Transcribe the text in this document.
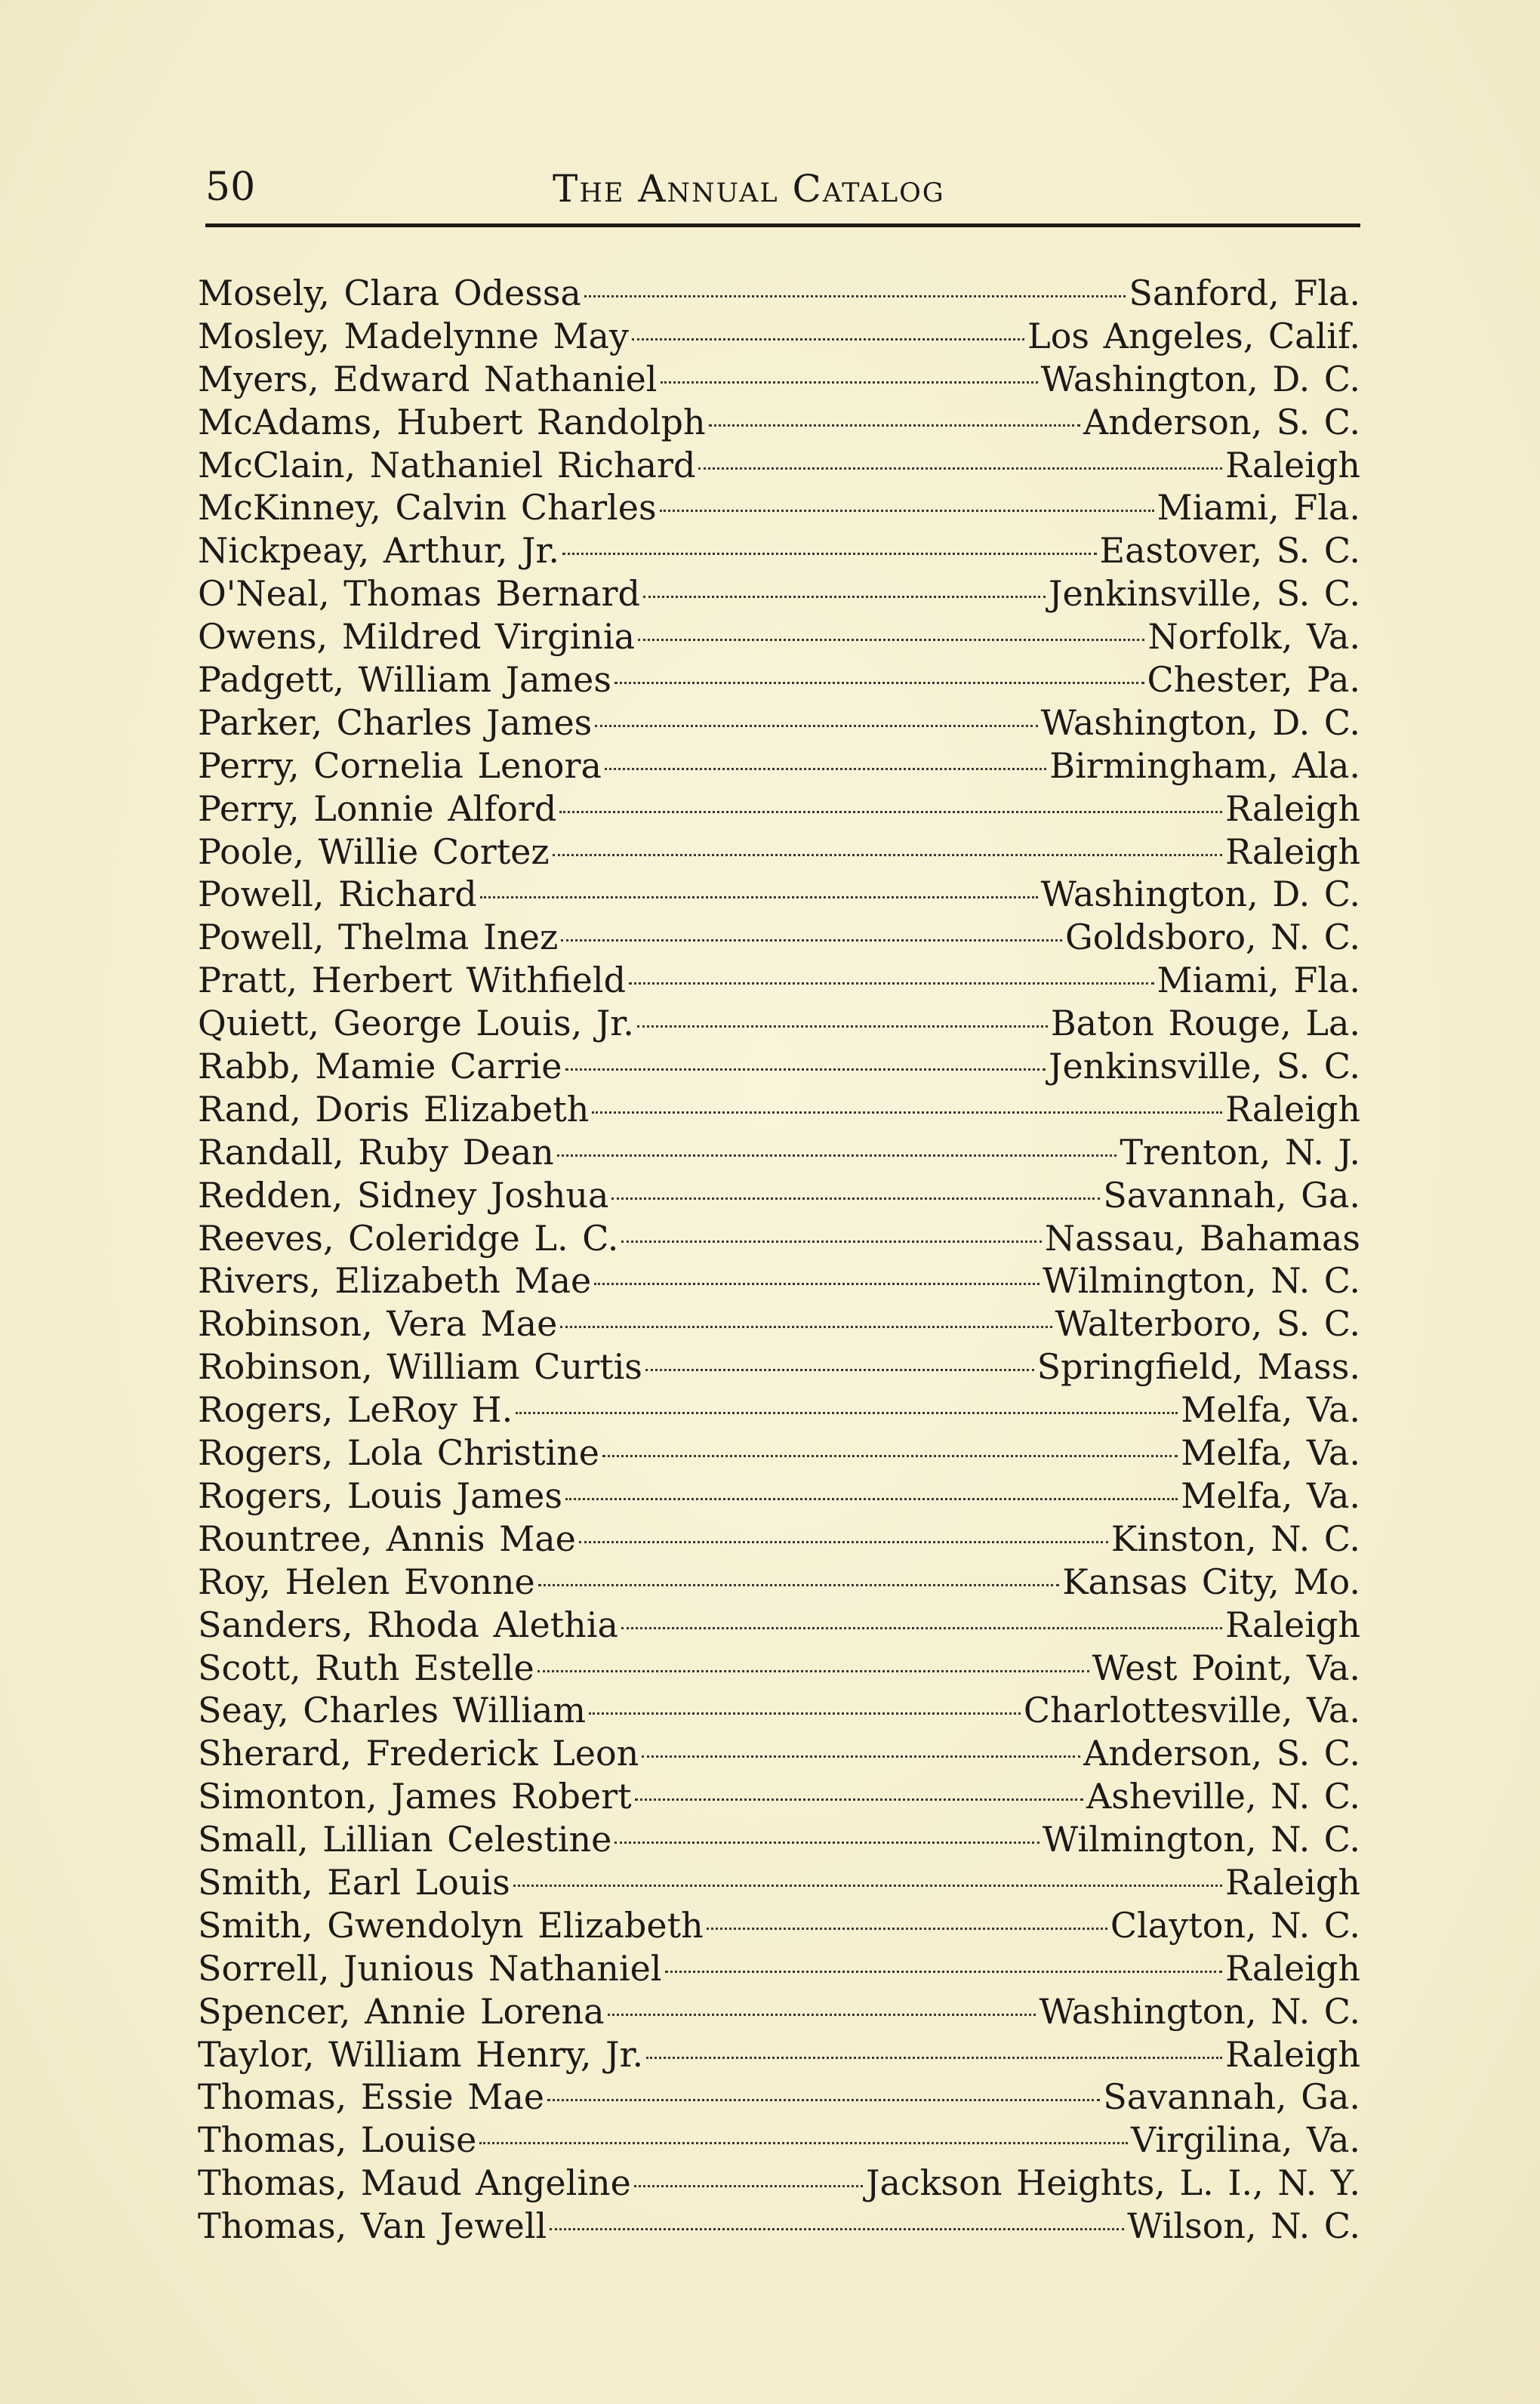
50	The Annual Catalog
Mosely, Clara Odessa	Sanford, Fla.
Mosley, Madelynne May	Los Angeles, Calif.
Myers, Edward Nathaniel	Washington, D. C.
McAdams, Hubert Randolph	Anderson, S. C.
McClain, Nathaniel Richard	Raleigh
McKinney, Calvin Charles	Miami, Fla.
Nickpeay, Arthur, Jr.	Eastover, S. C.
O'Neal, Thomas Bernard	Jenkinsville, S. C.
Owens, Mildred Virginia	Norfolk, Va.
Padgett, William James	Chester, Pa.
Parker, Charles James	Washington, D. C.
Perry, Cornelia Lenora	Birmingham, Ala.
Perry, Lonnie Alford	Raleigh
Poole, Willie Cortez	Raleigh
Powell, Richard	Washington, D. C.
Powell, Thelma Inez	Goldsboro, N. C.
Pratt, Herbert Withfield	Miami, Fla.
Quiett, George Louis, Jr.	Baton Rouge, La.
Rabb, Mamie Carrie	Jenkinsville, S. C.
Rand, Doris Elizabeth	Raleigh
Randall, Ruby Dean	Trenton, N. J.
Redden, Sidney Joshua	Savannah, Ga.
Reeves, Coleridge L. C.	Nassau, Bahamas
Rivers, Elizabeth Mae	Wilmington, N. C.
Robinson, Vera Mae	Walterboro, S. C.
Robinson, William Curtis	Springfield, Mass.
Rogers, LeRoy H.	Melfa, Va.
Rogers, Lola Christine	Melfa, Va.
Rogers, Louis James	Melfa, Va.
Rountree, Annis Mae	Kinston, N. C.
Roy, Helen Evonne	Kansas City, Mo.
Sanders, Rhoda Alethia	Raleigh
Scott, Ruth Estelle	West Point, Va.
Seay, Charles William	Charlottesville, Va.
Sherard, Frederick Leon	Anderson, S. C.
Simonton, James Robert	Asheville, N. C.
Small, Lillian Celestine	Wilmington, N. C.
Smith, Earl Louis	Raleigh
Smith, Gwendolyn Elizabeth	Clayton, N. C.
Sorrell, Junious Nathaniel	Raleigh
Spencer, Annie Lorena	Washington, N. C.
Taylor, William Henry, Jr.	Raleigh
Thomas, Essie Mae	Savannah, Ga.
Thomas, Louise	Virgilina, Va.
Thomas, Maud Angeline	Jackson Heights, L. I., N. Y.
Thomas, Van Jewell	Wilson, N. C.
